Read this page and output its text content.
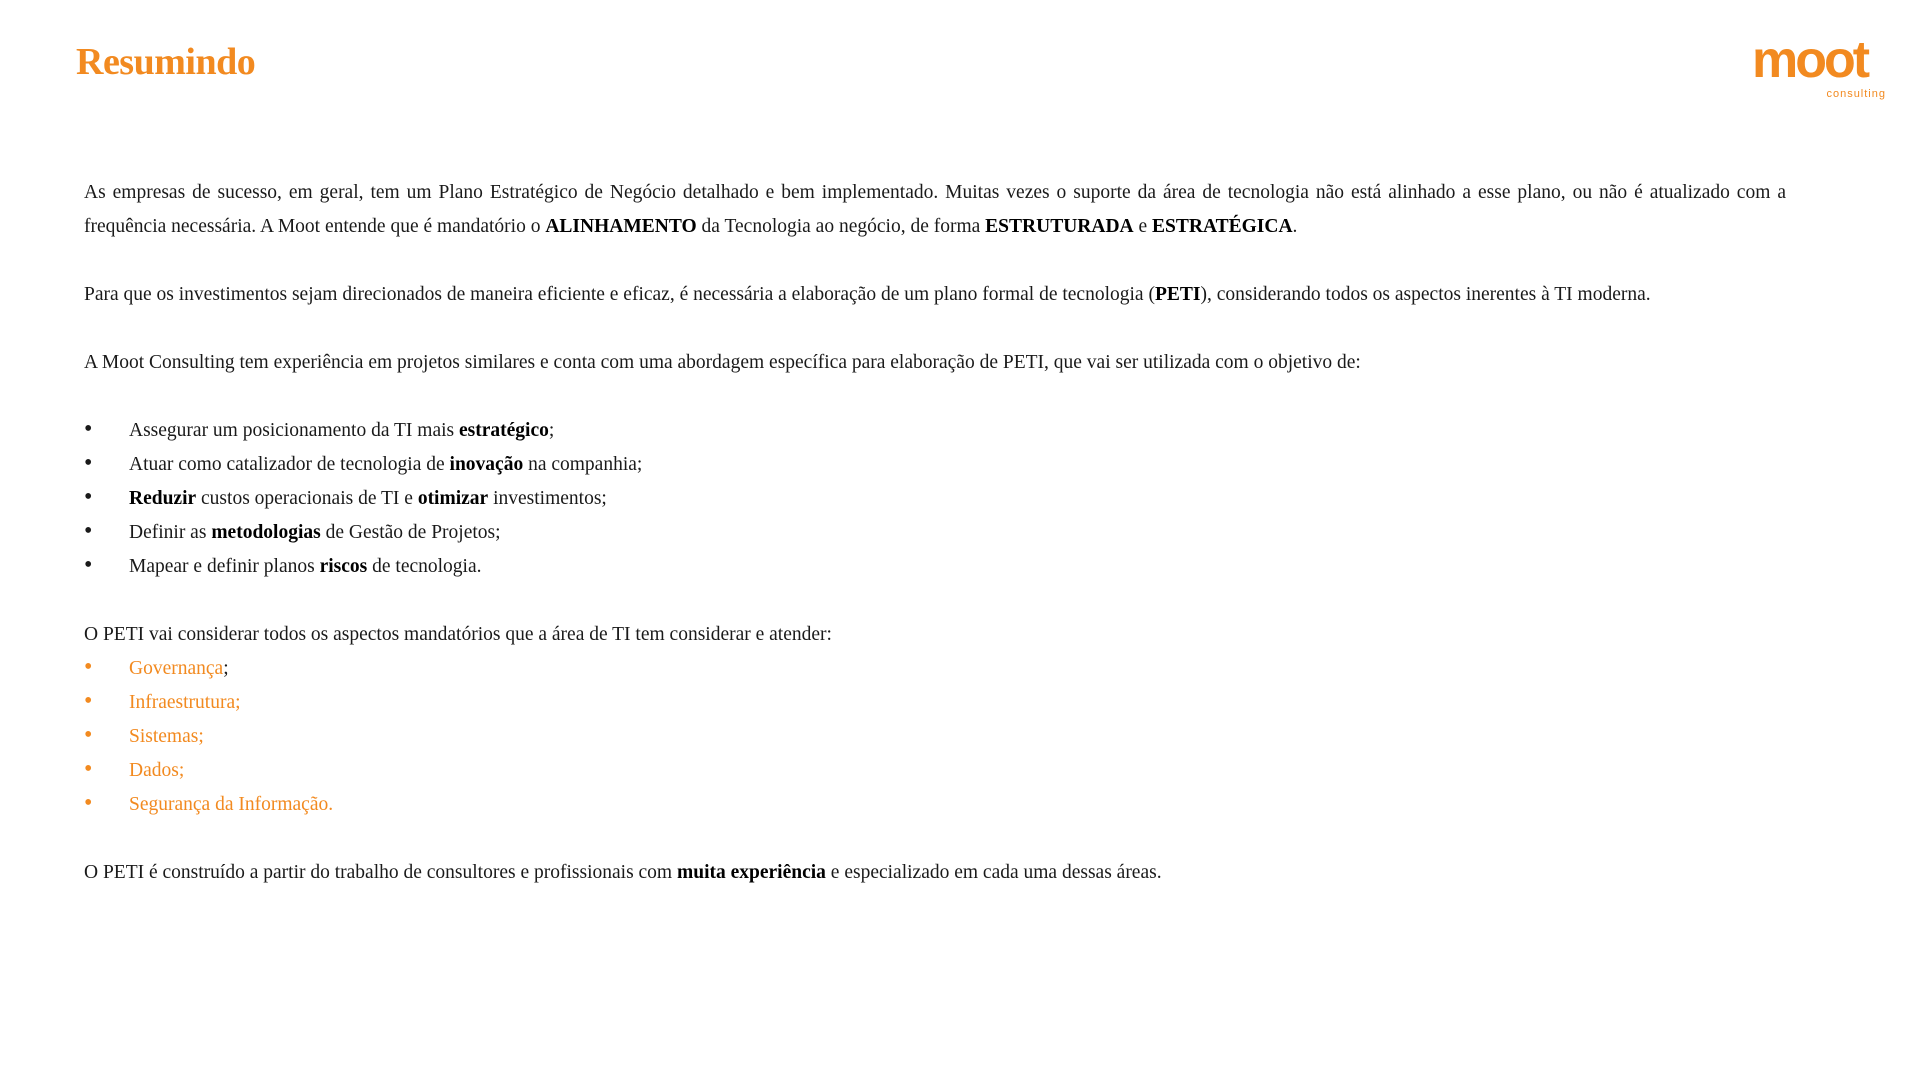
Resumindo	moot
consulting

As empresas de sucesso, em geral, tem um Plano Estratégico de Negócio detalhado e bem implementado. Muitas vezes o suporte da área de tecnologia não está alinhado a esse plano, ou não é atualizado com a frequência necessária. A Moot entende que é mandatório o ALINHAMENTO da Tecnologia ao negócio, de forma ESTRUTURADA e ESTRATÉGICA.

Para que os investimentos sejam direcionados de maneira eficiente e eficaz, é necessária a elaboração de um plano formal de tecnologia (PETI), considerando todos os aspectos inerentes à TI moderna.

A Moot Consulting tem experiência em projetos similares e conta com uma abordagem específica para elaboração de PETI, que vai ser utilizada com o objetivo de:

• Assegurar um posicionamento da TI mais estratégico;
• Atuar como catalizador de tecnologia de inovação na companhia;
• Reduzir custos operacionais de TI e otimizar investimentos;
• Definir as metodologias de Gestão de Projetos;
• Mapear e definir planos riscos de tecnologia.

O PETI vai considerar todos os aspectos mandatórios que a área de TI tem considerar e atender:

• Governança;
• Infraestrutura;
• Sistemas;
• Dados;
• Segurança da Informação.

O PETI é construído a partir do trabalho de consultores e profissionais com muita experiência e especializado em cada uma dessas áreas.
